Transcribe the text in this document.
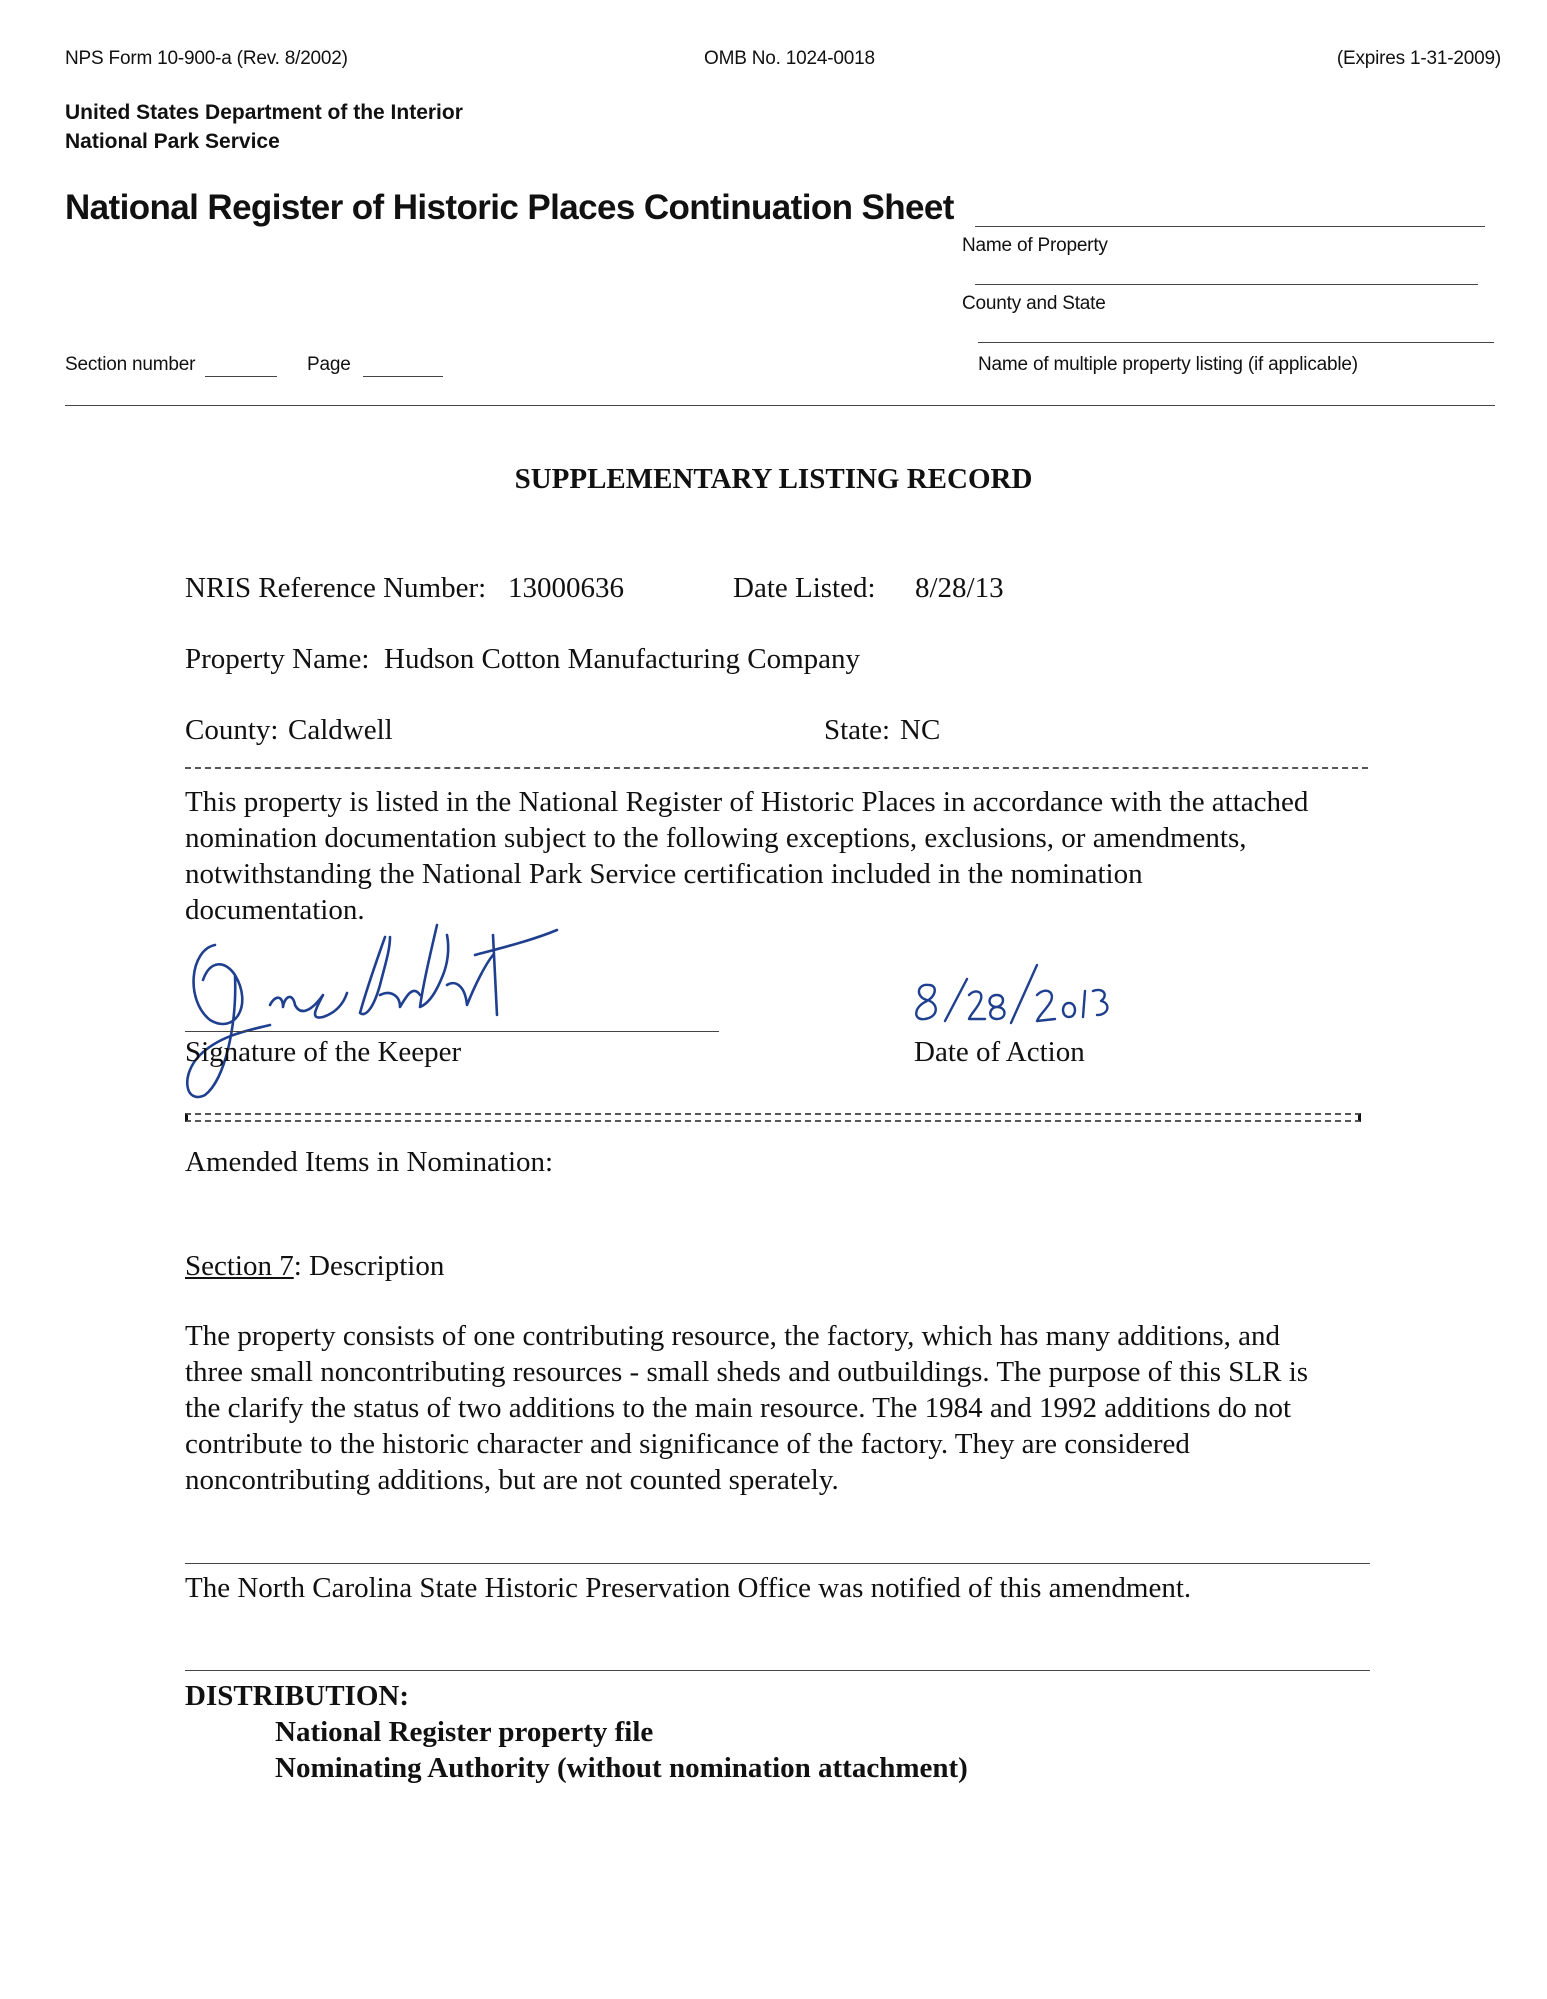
NPS Form 10-900-a (Rev. 8/2002)	OMB No. 1024-0018	(Expires 1-31-2009)
United States Department of the Interior
National Park Service
National Register of Historic Places Continuation Sheet
Name of Property
County and State
Section number	Page	Name of multiple property listing (if applicable)
SUPPLEMENTARY LISTING RECORD
NRIS Reference Number: 13000636	Date Listed: 8/28/13
Property Name: Hudson Cotton Manufacturing Company
County: Caldwell	State: NC
This property is listed in the National Register of Historic Places in accordance with the attached
nomination documentation subject to the following exceptions, exclusions, or amendments,
notwithstanding the National Park Service certification included in the nomination
documentation.
Signature of the Keeper	Date of Action
Amended Items in Nomination:
Section 7: Description
The property consists of one contributing resource, the factory, which has many additions, and
three small noncontributing resources - small sheds and outbuildings. The purpose of this SLR is
the clarify the status of two additions to the main resource. The 1984 and 1992 additions do not
contribute to the historic character and significance of the factory. They are considered
noncontributing additions, but are not counted sperately.
The North Carolina State Historic Preservation Office was notified of this amendment.
DISTRIBUTION:
National Register property file
Nominating Authority (without nomination attachment)
